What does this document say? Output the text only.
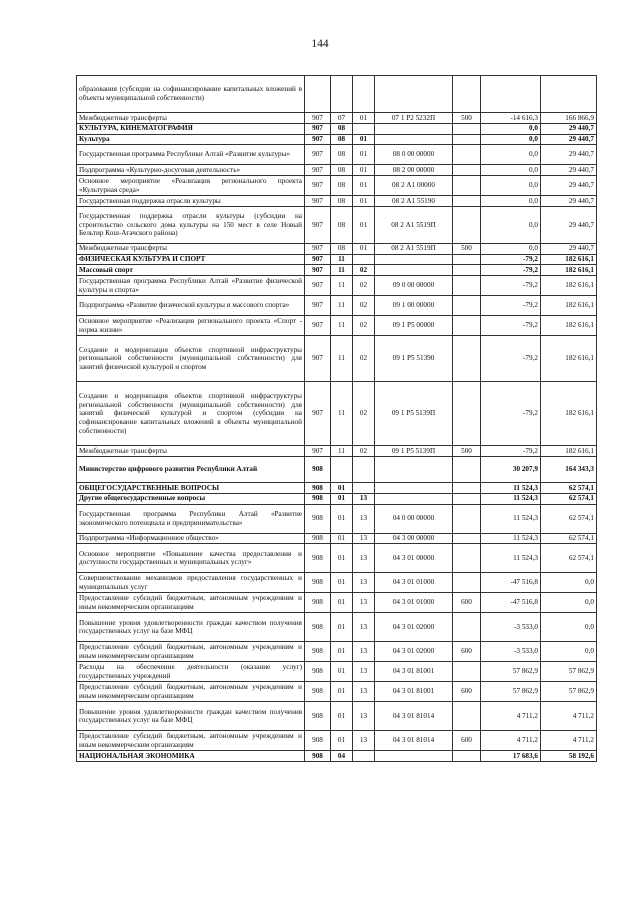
144
образования (субсидии на софинансирование капитальных вложений в объекты муниципальной собственности)							
Межбюджетные трансферты	907	07	01	07 1 Р2 5232П	500	-14 616,3	166 866,9
КУЛЬТУРА, КИНЕМАТОГРАФИЯ	907	08				0,0	29 440,7
Культура	907	08	01			0,0	29 440,7
Государственная программа Республики Алтай «Развитие культуры»	907	08	01	08 0 00 00000		0,0	29 440,7
Подпрограмма «Культурно-досуговая деятельность»	907	08	01	08 2 00 00000		0,0	29 440,7
Основное мероприятие «Реализация регионального проекта «Культурная среда»	907	08	01	08 2 А1 00000		0,0	29 440,7
Государственная поддержка отрасли культуры	907	08	01	08 2 А1 55190		0,0	29 440,7
Государственная поддержка отрасли культуры (субсидии на строительство сельского дома культуры на 150 мест в селе Новый Бельтир Кош-Агачского района)	907	08	01	08 2 А1 5519П		0,0	29 440,7
Межбюджетные трансферты	907	08	01	08 2 А1 5519П	500	0,0	29 440,7
ФИЗИЧЕСКАЯ КУЛЬТУРА И СПОРТ	907	11				-79,2	182 616,1
Массовый спорт	907	11	02			-79,2	182 616,1
Государственная программа Республики Алтай «Развитие физической культуры и спорта»	907	11	02	09 0 00 00000		-79,2	182 616,1
Подпрограмма «Развитие физической культуры и массового спорта»	907	11	02	09 1 00 00000		-79,2	182 616,1
Основное мероприятие «Реализация регионального проекта «Спорт - норма жизни»	907	11	02	09 1 Р5 00000		-79,2	182 616,1
Создание и модернизация объектов спортивной инфраструктуры региональной собственности (муниципальной собственности) для занятий физической культурой и спортом	907	11	02	09 1 Р5 51390		-79,2	182 616,1
Создание и модернизация объектов спортивной инфраструктуры региональной собственности (муниципальной собственности) для занятий физической культурой и спортом (субсидии на софинансирование капитальных вложений в объекты муниципальной собственности)	907	11	02	09 1 Р5 5139П		-79,2	182 616,1
Межбюджетные трансферты	907	11	02	09 1 Р5 5139П	500	-79,2	182 616,1
Министерство цифрового развития Республики Алтай	908					30 207,9	164 343,3
ОБЩЕГОСУДАРСТВЕННЫЕ ВОПРОСЫ	908	01				11 524,3	62 574,1
Другие общегосударственные вопросы	908	01	13			11 524,3	62 574,1
Государственная программа Республики Алтай «Развитие экономического потенциала и предпринимательства»	908	01	13	04 0 00 00000		11 524,3	62 574,1
Подпрограмма «Информационное общество»	908	01	13	04 3 00 00000		11 524,3	62 574,1
Основное мероприятие «Повышение качества предоставления и доступности государственных и муниципальных услуг»	908	01	13	04 3 01 00000		11 524,3	62 574,1
Совершенствование механизмов предоставления государственных и муниципальных услуг	908	01	13	04 3 01 01000		-47 516,8	0,0
Предоставление субсидий бюджетным, автономным учреждениям и иным некоммерческим организациям	908	01	13	04 3 01 01000	600	-47 516,8	0,0
Повышение уровня удовлетворенности граждан качеством получения государственных услуг на базе МФЦ	908	01	13	04 3 01 02000		-3 533,0	0,0
Предоставление субсидий бюджетным, автономным учреждениям и иным некоммерческим организациям	908	01	13	04 3 01 02000	600	-3 533,0	0,0
Расходы на обеспечение деятельности (оказание услуг) государственных учреждений	908	01	13	04 3 01 81001		57 862,9	57 862,9
Предоставление субсидий бюджетным, автономным учреждениям и иным некоммерческим организациям	908	01	13	04 3 01 81001	600	57 862,9	57 862,9
Повышение уровня удовлетворенности граждан качеством получения государственных услуг на базе МФЦ	908	01	13	04 3 01 81014		4 711,2	4 711,2
Предоставление субсидий бюджетным, автономным учреждениям и иным некоммерческим организациям	908	01	13	04 3 01 81014	600	4 711,2	4 711,2
НАЦИОНАЛЬНАЯ ЭКОНОМИКА	908	04				17 683,6	58 192,6
